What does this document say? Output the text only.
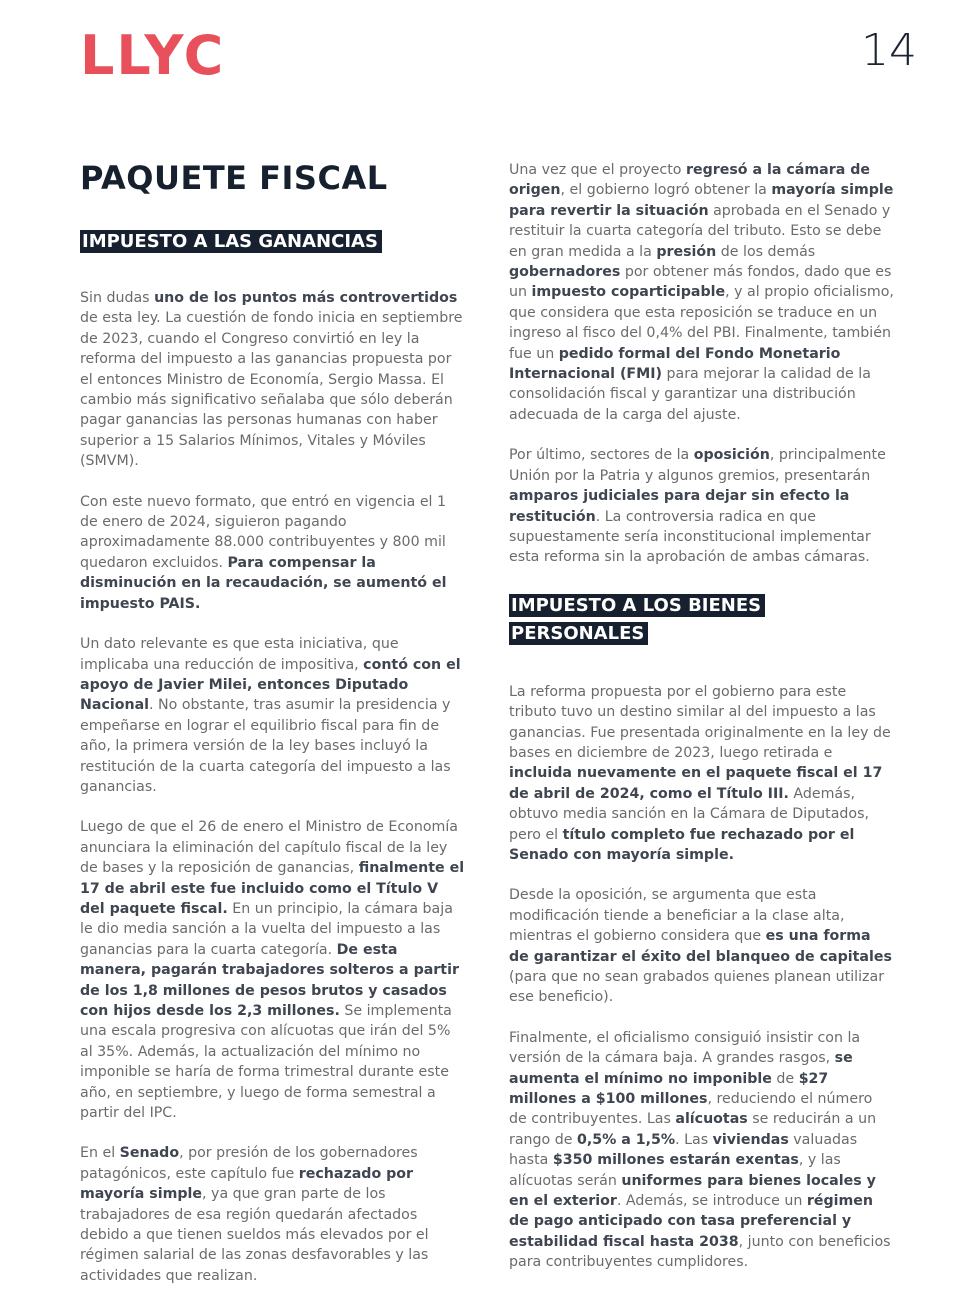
LLYC	14
PAQUETE FISCAL
IMPUESTO A LAS GANANCIAS

Sin dudas uno de los puntos más controvertidos de esta ley. La cuestión de fondo inicia en septiembre de 2023, cuando el Congreso convirtió en ley la reforma del impuesto a las ganancias propuesta por el entonces Ministro de Economía, Sergio Massa. El cambio más significativo señalaba que sólo deberán pagar ganancias las personas humanas con haber superior a 15 Salarios Mínimos, Vitales y Móviles (SMVM).

Con este nuevo formato, que entró en vigencia el 1 de enero de 2024, siguieron pagando aproximadamente 88.000 contribuyentes y 800 mil quedaron excluidos. Para compensar la disminución en la recaudación, se aumentó el impuesto PAIS.

Un dato relevante es que esta iniciativa, que implicaba una reducción de impositiva, contó con el apoyo de Javier Milei, entonces Diputado Nacional. No obstante, tras asumir la presidencia y empeñarse en lograr el equilibrio fiscal para fin de año, la primera versión de la ley bases incluyó la restitución de la cuarta categoría del impuesto a las ganancias.

Luego de que el 26 de enero el Ministro de Economía anunciara la eliminación del capítulo fiscal de la ley de bases y la reposición de ganancias, finalmente el 17 de abril este fue incluido como el Título V del paquete fiscal. En un principio, la cámara baja le dio media sanción a la vuelta del impuesto a las ganancias para la cuarta categoría. De esta manera, pagarán trabajadores solteros a partir de los 1,8 millones de pesos brutos y casados con hijos desde los 2,3 millones. Se implementa una escala progresiva con alícuotas que irán del 5% al 35%. Además, la actualización del mínimo no imponible se haría de forma trimestral durante este año, en septiembre, y luego de forma semestral a partir del IPC.

En el Senado, por presión de los gobernadores patagónicos, este capítulo fue rechazado por mayoría simple, ya que gran parte de los trabajadores de esa región quedarán afectados debido a que tienen sueldos más elevados por el régimen salarial de las zonas desfavorables y las actividades que realizan.

Una vez que el proyecto regresó a la cámara de origen, el gobierno logró obtener la mayoría simple para revertir la situación aprobada en el Senado y restituir la cuarta categoría del tributo. Esto se debe en gran medida a la presión de los demás gobernadores por obtener más fondos, dado que es un impuesto coparticipable, y al propio oficialismo, que considera que esta reposición se traduce en un ingreso al fisco del 0,4% del PBI. Finalmente, también fue un pedido formal del Fondo Monetario Internacional (FMI) para mejorar la calidad de la consolidación fiscal y garantizar una distribución adecuada de la carga del ajuste.

Por último, sectores de la oposición, principalmente Unión por la Patria y algunos gremios, presentarán amparos judiciales para dejar sin efecto la restitución. La controversia radica en que supuestamente sería inconstitucional implementar esta reforma sin la aprobación de ambas cámaras.

IMPUESTO A LOS BIENES
PERSONALES

La reforma propuesta por el gobierno para este tributo tuvo un destino similar al del impuesto a las ganancias. Fue presentada originalmente en la ley de bases en diciembre de 2023, luego retirada e incluida nuevamente en el paquete fiscal el 17 de abril de 2024, como el Título III. Además, obtuvo media sanción en la Cámara de Diputados, pero el título completo fue rechazado por el Senado con mayoría simple.

Desde la oposición, se argumenta que esta modificación tiende a beneficiar a la clase alta, mientras el gobierno considera que es una forma de garantizar el éxito del blanqueo de capitales (para que no sean grabados quienes planean utilizar ese beneficio).

Finalmente, el oficialismo consiguió insistir con la versión de la cámara baja. A grandes rasgos, se aumenta el mínimo no imponible de $27 millones a $100 millones, reduciendo el número de contribuyentes. Las alícuotas se reducirán a un rango de 0,5% a 1,5%. Las viviendas valuadas hasta $350 millones estarán exentas, y las alícuotas serán uniformes para bienes locales y en el exterior. Además, se introduce un régimen de pago anticipado con tasa preferencial y estabilidad fiscal hasta 2038, junto con beneficios para contribuyentes cumplidores.
